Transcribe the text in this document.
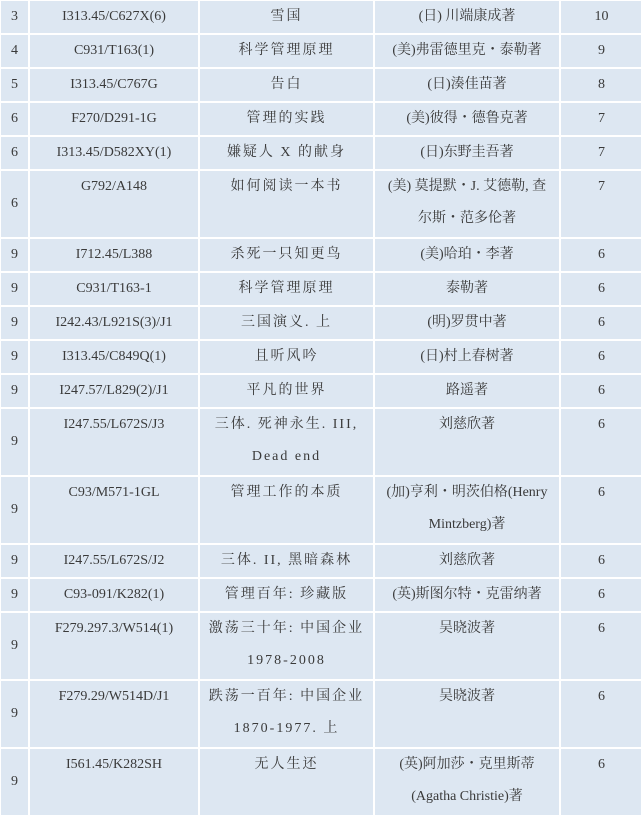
3	I313.45/C627X(6)	雪国	(日) 川端康成著	10
4	C931/T163(1)	科学管理原理	(美)弗雷德里克・泰勒著	9
5	I313.45/C767G	告白	(日)湊佳苗著	8
6	F270/D291-1G	管理的实践	(美)彼得・德鲁克著	7
6	I313.45/D582XY(1)	嫌疑人 X 的献身	(日)东野圭吾著	7
6	G792/A148	如何阅读一本书	(美) 莫提默・J. 艾德勒, 查尔斯・范多伦著	7
9	I712.45/L388	杀死一只知更鸟	(美)哈珀・李著	6
9	C931/T163-1	科学管理原理	泰勒著	6
9	I242.43/L921S(3)/J1	三国演义. 上	(明)罗贯中著	6
9	I313.45/C849Q(1)	且听风吟	(日)村上春树著	6
9	I247.57/L829(2)/J1	平凡的世界	路遥著	6
9	I247.55/L672S/J3	三体. 死神永生. III, Dead end	刘慈欣著	6
9	C93/M571-1GL	管理工作的本质	(加)亨利・明茨伯格(Henry Mintzberg)著	6
9	I247.55/L672S/J2	三体. II, 黑暗森林	刘慈欣著	6
9	C93-091/K282(1)	管理百年: 珍藏版	(英)斯图尔特・克雷纳著	6
9	F279.297.3/W514(1)	激荡三十年: 中国企业 1978-2008	吴晓波著	6
9	F279.29/W514D/J1	跌荡一百年: 中国企业 1870-1977. 上	吴晓波著	6
9	I561.45/K282SH	无人生还	(英)阿加莎・克里斯蒂 (Agatha Christie)著	6
